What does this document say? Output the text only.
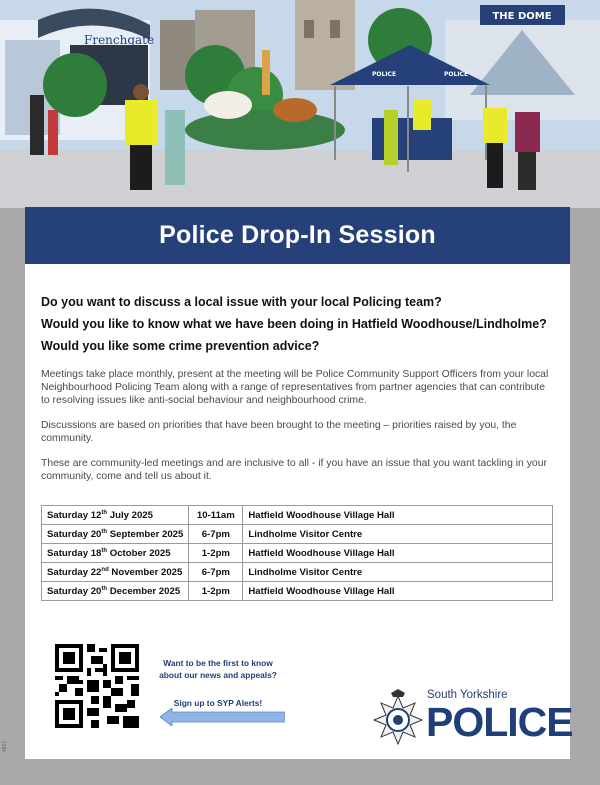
Frenchgate
THE DOME
POLICE	POLICE
Police Drop-In Session

Do you want to discuss a local issue with your local Policing team?

Would you like to know what we have been doing in Hatfield Woodhouse/Lindholme?

Would you like some crime prevention advice?

Meetings take place monthly, present at the meeting will be Police Community Support Officers from your local Neighbourhood Policing Team along with a range of representatives from partner agencies that can contribute to resolving issues like anti-social behaviour and neighbourhood crime.

Discussions are based on priorities that have been brought to the meeting – priorities raised by you, the community.

These are community-led meetings and are inclusive to all - if you have an issue that you want tackling in your community, come and tell us about it.

Saturday 12th July 2025	10-11am	Hatfield Woodhouse Village Hall
Saturday 20th September 2025	6-7pm	Lindholme Visitor Centre
Saturday 18th October 2025	1-2pm	Hatfield Woodhouse Village Hall
Saturday 22nd November 2025	6-7pm	Lindholme Visitor Centre
Saturday 20th December 2025	1-2pm	Hatfield Woodhouse Village Hall
Want to be the first to know about our news and appeals?
Sign up to SYP Alerts!
South Yorkshire
POLICE
4817
